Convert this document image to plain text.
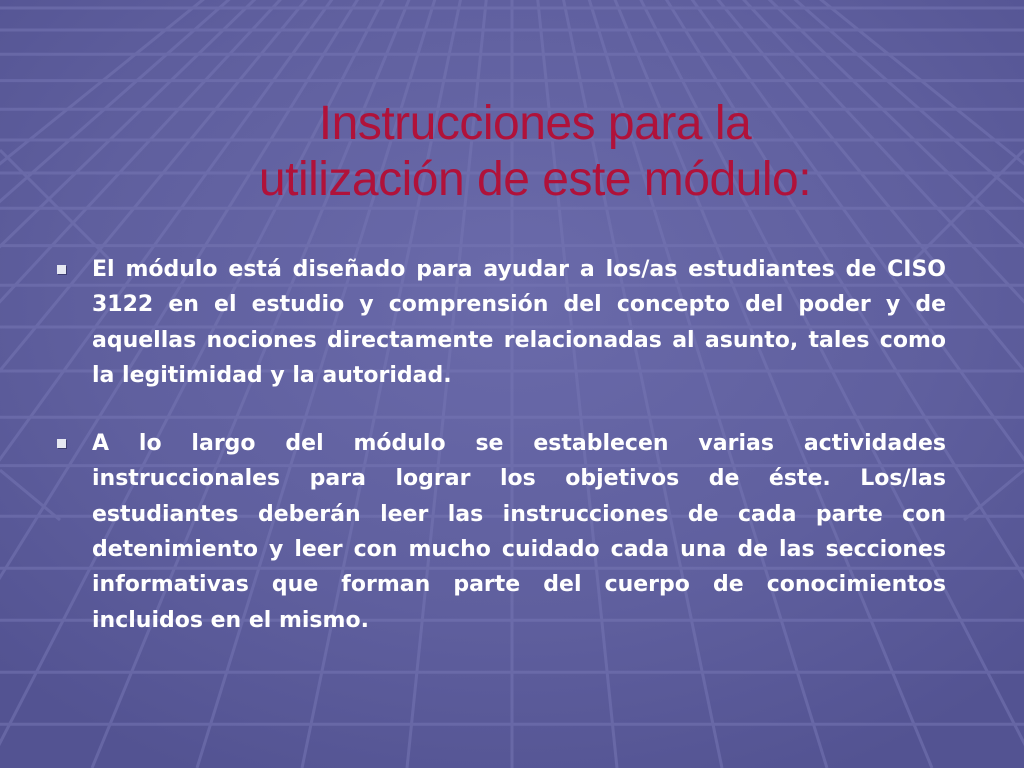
Instrucciones para la
utilización de este módulo:
El módulo está diseñado para ayudar a los/as estudiantes de CISO 3122 en el estudio y comprensión del concepto del poder y de aquellas nociones directamente relacionadas al asunto, tales como la legitimidad y la autoridad.
A lo largo del módulo se establecen varias actividades instruccionales para lograr los objetivos de éste. Los/las estudiantes deberán leer las instrucciones de cada parte con detenimiento y leer con mucho cuidado cada una de las secciones informativas que forman parte del cuerpo de conocimientos incluidos en el mismo.
